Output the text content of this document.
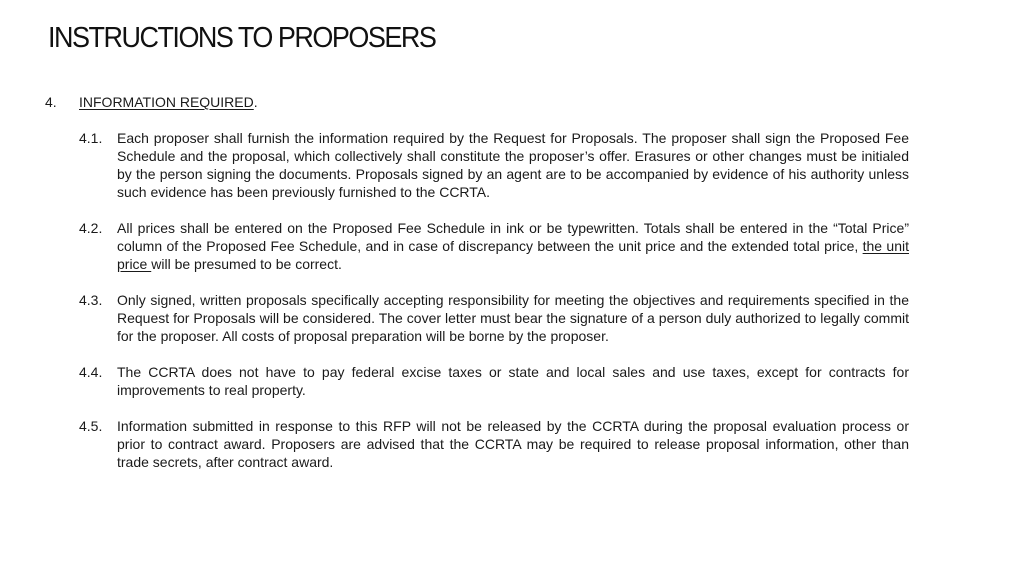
INSTRUCTIONS TO PROPOSERS
4.	INFORMATION REQUIRED.
4.1.	Each proposer shall furnish the information required by the Request for Proposals. The proposer shall sign the Proposed Fee Schedule and the proposal, which collectively shall constitute the proposer’s offer. Erasures or other changes must be initialed by the person signing the documents. Proposals signed by an agent are to be accompanied by evidence of his authority unless such evidence has been previously furnished to the CCRTA.
4.2.	All prices shall be entered on the Proposed Fee Schedule in ink or be typewritten. Totals shall be entered in the “Total Price” column of the Proposed Fee Schedule, and in case of discrepancy between the unit price and the extended total price, the unit price will be presumed to be correct.
4.3.	Only signed, written proposals specifically accepting responsibility for meeting the objectives and requirements specified in the Request for Proposals will be considered. The cover letter must bear the signature of a person duly authorized to legally commit for the proposer. All costs of proposal preparation will be borne by the proposer.
4.4.	The CCRTA does not have to pay federal excise taxes or state and local sales and use taxes, except for contracts for improvements to real property.
4.5.	Information submitted in response to this RFP will not be released by the CCRTA during the proposal evaluation process or prior to contract award. Proposers are advised that the CCRTA may be required to release proposal information, other than trade secrets, after contract award.
